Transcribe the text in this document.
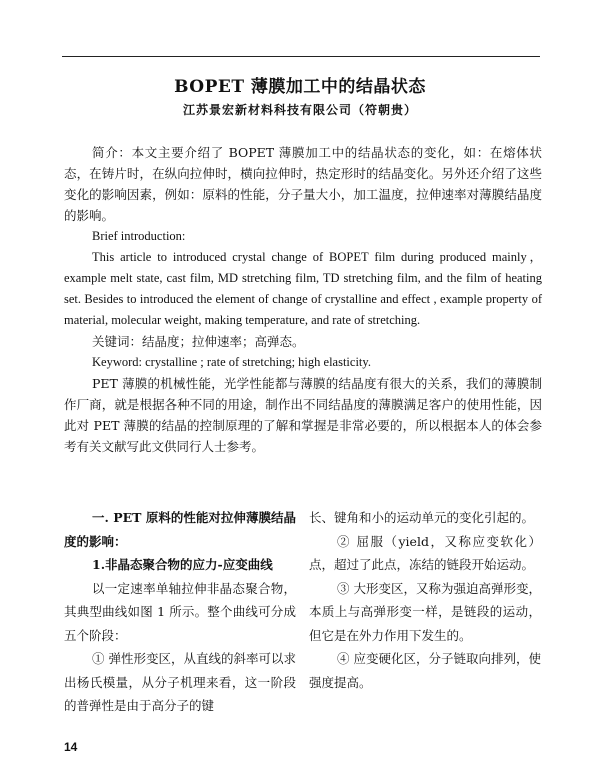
BOPET 薄膜加工中的结晶状态
江苏景宏新材料科技有限公司（符朝贵）

简介：本文主要介绍了 BOPET 薄膜加工中的结晶状态的变化，如：在熔体状态，在铸片时，在纵向拉伸时，横向拉伸时，热定形时的结晶变化。另外还介绍了这些变化的影响因素，例如：原料的性能，分子量大小，加工温度，拉伸速率对薄膜结晶度的影响。

Brief introduction:

This article to introduced crystal change of BOPET film during produced mainly，example melt state, cast film, MD stretching film, TD stretching film, and the film of heating set. Besides to introduced the element of change of crystalline and effect , example property of material, molecular weight, making temperature, and rate of stretching.

关键词：结晶度；拉伸速率；高弹态。

Keyword: crystalline ; rate of stretching; high elasticity.

PET 薄膜的机械性能，光学性能都与薄膜的结晶度有很大的关系，我们的薄膜制作厂商，就是根据各种不同的用途，制作出不同结晶度的薄膜满足客户的使用性能，因此对 PET 薄膜的结晶的控制原理的了解和掌握是非常必要的，所以根据本人的体会参考有关文献写此文供同行人士参考。

一. PET 原料的性能对拉伸薄膜结晶度的影响：

1.非晶态聚合物的应力-应变曲线

以一定速率单轴拉伸非晶态聚合物，其典型曲线如图 1 所示。整个曲线可分成五个阶段：

① 弹性形变区，从直线的斜率可以求出杨氏模量，从分子机理来看，这一阶段的普弹性是由于高分子的键

长、键角和小的运动单元的变化引起的。

② 屈服（yield，又称应变软化）点，超过了此点，冻结的链段开始运动。

③ 大形变区，又称为强迫高弹形变，本质上与高弹形变一样，是链段的运动，但它是在外力作用下发生的。

④ 应变硬化区，分子链取向排列，使强度提高。

14
